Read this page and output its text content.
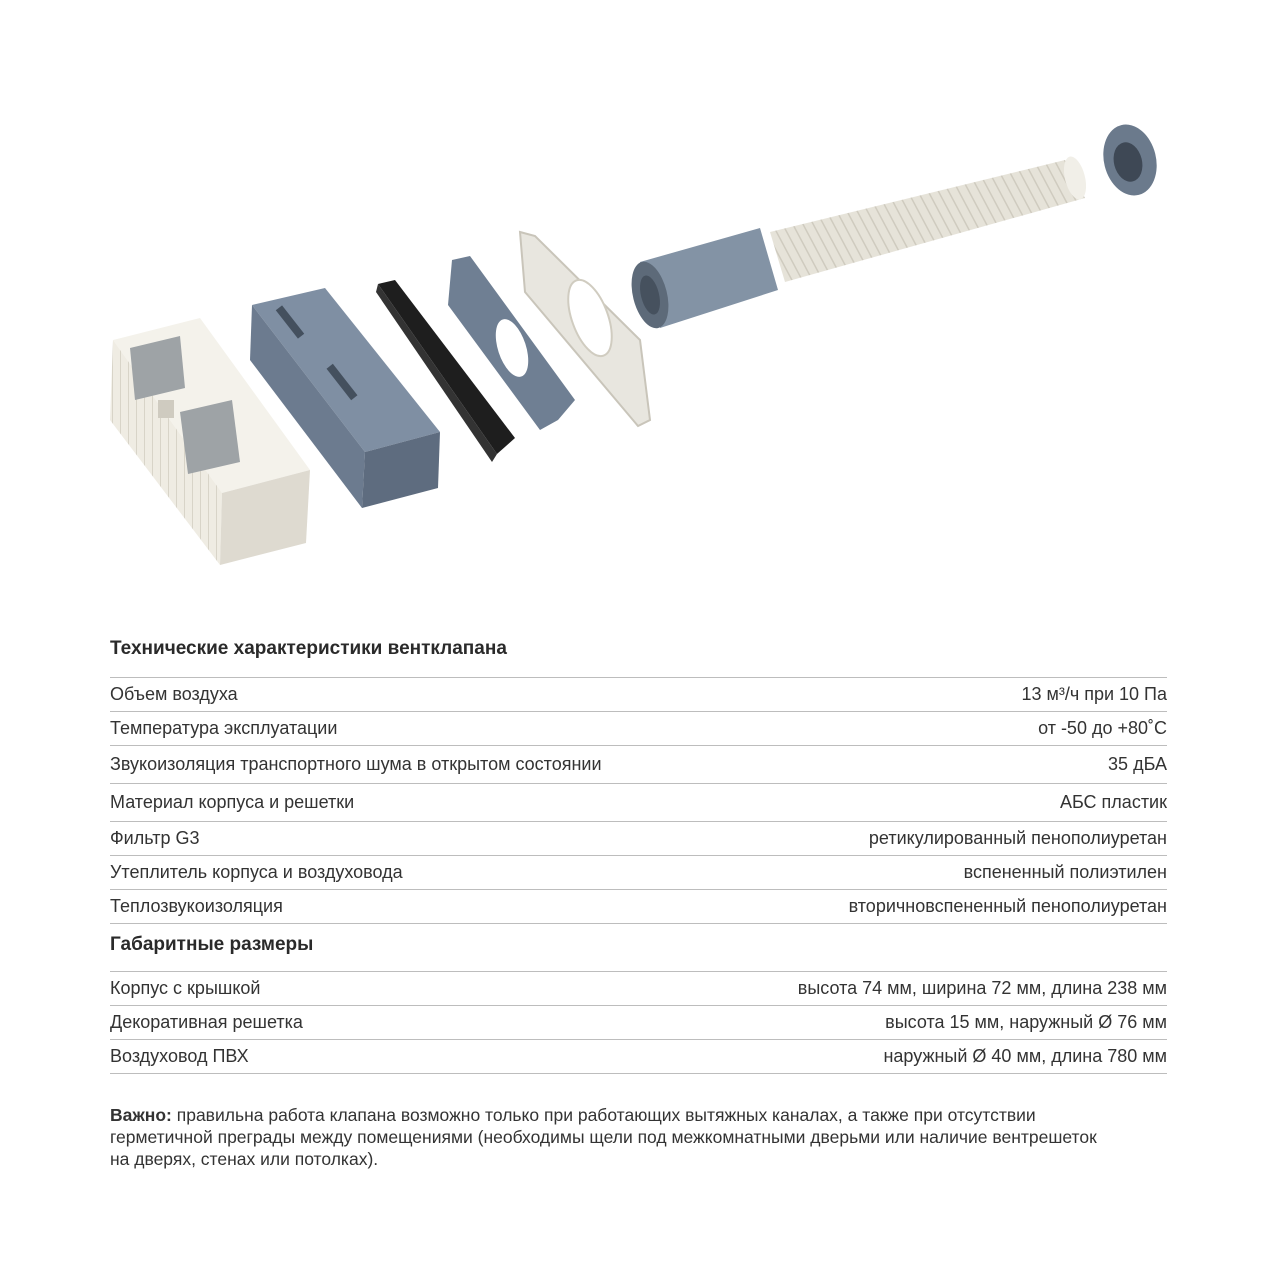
Технические характеристики вентклапана
Объем воздуха	13 м³/ч при 10 Па
Температура эксплуатации	от -50 до +80˚С
Звукоизоляция транспортного шума в открытом состоянии	35 дБА
Материал корпуса и решетки	АБС пластик
Фильтр G3	ретикулированный пенополиуретан
Утеплитель корпуса и воздуховода	вспененный полиэтилен
Теплозвукоизоляция	вторичновспененный пенополиуретан
Габаритные размеры
Корпус с крышкой	высота 74 мм, ширина 72 мм, длина 238 мм
Декоративная решетка	высота 15 мм, наружный Ø 76 мм
Воздуховод ПВХ	наружный Ø 40 мм, длина 780 мм
Важно: правильна работа клапана возможно только при работающих вытяжных каналах, а также при отсутствии герметичной преграды между помещениями (необходимы щели под межкомнатными дверьми или наличие вентрешеток на дверях, стенах или потолках).
